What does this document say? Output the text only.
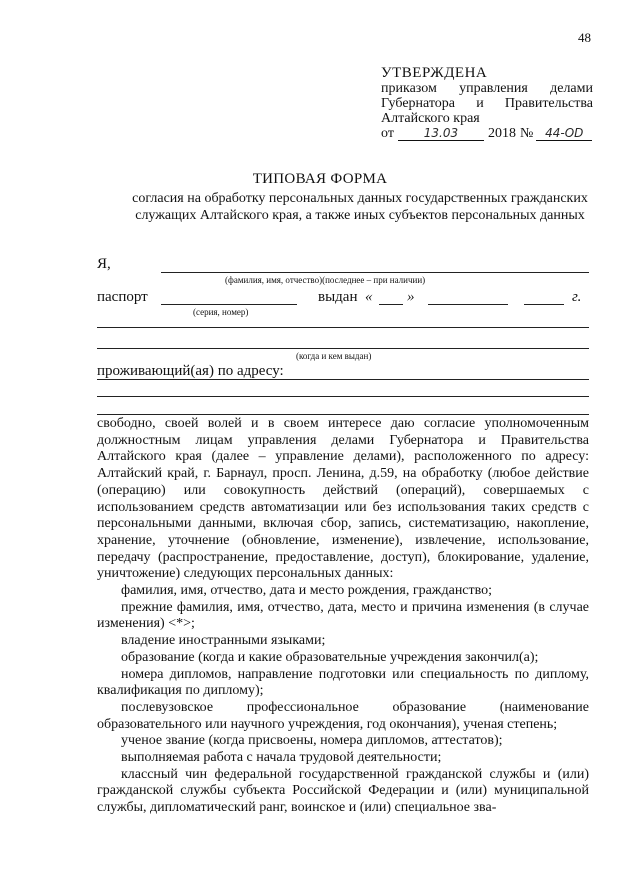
48
УТВЕРЖДЕНА
приказом управления делами
Губернатора и Правительства
Алтайского края
от	13.03	2018 № 44-OD
ТИПОВАЯ ФОРМА
согласия на обработку персональных данных государственных гражданских служащих Алтайского края, а также иных субъектов персональных данных
Я,
(фамилия, имя, отчество)(последнее – при наличии)
паспорт	выдан « »	г.
(серия, номер)
(когда и кем выдан)
проживающий(ая) по адресу:

свободно, своей волей и в своем интересе даю согласие уполномоченным должностным лицам управления делами Губернатора и Правительства Алтайского края (далее – управление делами), расположенного по адресу: Алтайский край, г. Барнаул, просп. Ленина, д.59, на обработку (любое действие (операцию) или совокупность действий (операций), совершаемых с использованием средств автоматизации или без использования таких средств с персональными данными, включая сбор, запись, систематизацию, накопление, хранение, уточнение (обновление, изменение), извлечение, использование, передачу (распространение, предоставление, доступ), блокирование, удаление, уничтожение) следующих персональных данных:

фамилия, имя, отчество, дата и место рождения, гражданство;

прежние фамилия, имя, отчество, дата, место и причина изменения (в случае изменения) <*>;

владение иностранными языками;

образование (когда и какие образовательные учреждения закончил(а);

номера дипломов, направление подготовки или специальность по диплому, квалификация по диплому);

послевузовское профессиональное образование (наименование образовательного или научного учреждения, год окончания), ученая степень;

ученое звание (когда присвоены, номера дипломов, аттестатов);

выполняемая работа с начала трудовой деятельности;

классный чин федеральной государственной гражданской службы и (или) гражданской службы субъекта Российской Федерации и (или) муниципальной службы, дипломатический ранг, воинское и (или) специальное зва-
